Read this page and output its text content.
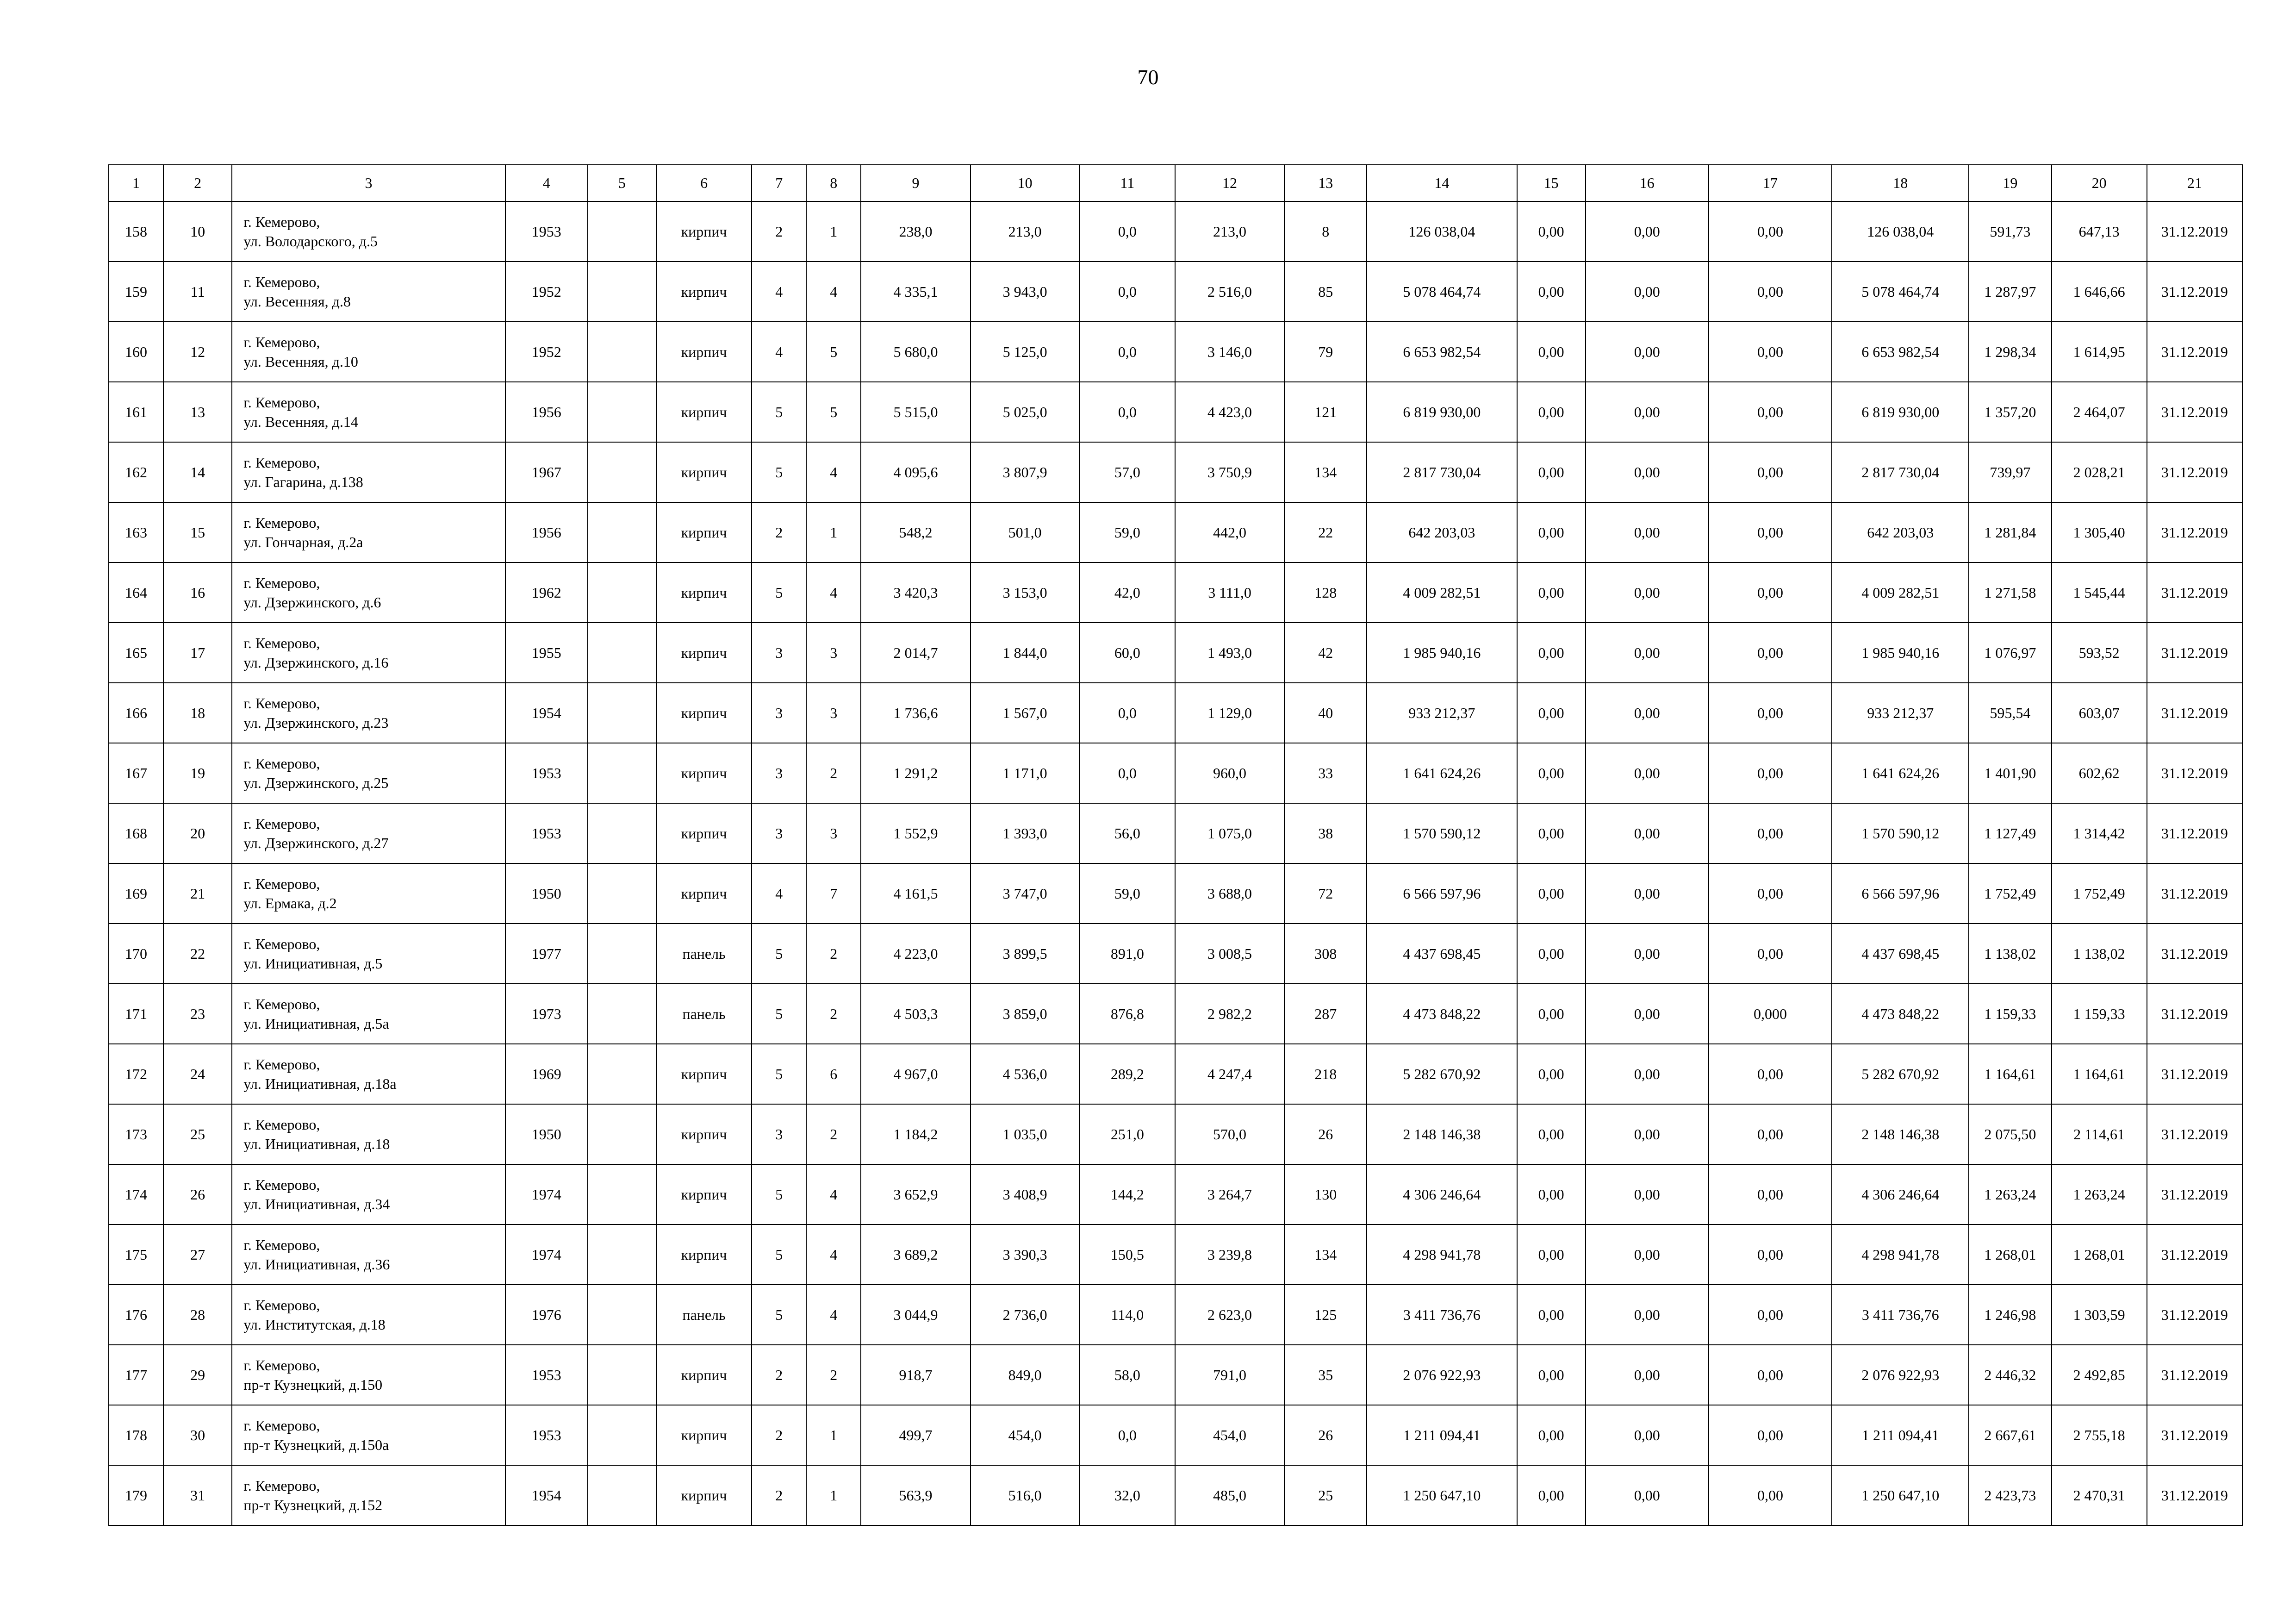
70
1	2	3	4	5	6	7	8	9	10	11	12	13	14	15	16	17	18	19	20	21
158	10	г. Кемерово,
ул. Володарского, д.5	1953		кирпич	2	1	238,0	213,0	0,0	213,0	8	126 038,04	0,00	0,00	0,00	126 038,04	591,73	647,13	31.12.2019
159	11	г. Кемерово,
ул. Весенняя, д.8	1952		кирпич	4	4	4 335,1	3 943,0	0,0	2 516,0	85	5 078 464,74	0,00	0,00	0,00	5 078 464,74	1 287,97	1 646,66	31.12.2019
160	12	г. Кемерово,
ул. Весенняя, д.10	1952		кирпич	4	5	5 680,0	5 125,0	0,0	3 146,0	79	6 653 982,54	0,00	0,00	0,00	6 653 982,54	1 298,34	1 614,95	31.12.2019
161	13	г. Кемерово,
ул. Весенняя, д.14	1956		кирпич	5	5	5 515,0	5 025,0	0,0	4 423,0	121	6 819 930,00	0,00	0,00	0,00	6 819 930,00	1 357,20	2 464,07	31.12.2019
162	14	г. Кемерово,
ул. Гагарина, д.138	1967		кирпич	5	4	4 095,6	3 807,9	57,0	3 750,9	134	2 817 730,04	0,00	0,00	0,00	2 817 730,04	739,97	2 028,21	31.12.2019
163	15	г. Кемерово,
ул. Гончарная, д.2а	1956		кирпич	2	1	548,2	501,0	59,0	442,0	22	642 203,03	0,00	0,00	0,00	642 203,03	1 281,84	1 305,40	31.12.2019
164	16	г. Кемерово,
ул. Дзержинского, д.6	1962		кирпич	5	4	3 420,3	3 153,0	42,0	3 111,0	128	4 009 282,51	0,00	0,00	0,00	4 009 282,51	1 271,58	1 545,44	31.12.2019
165	17	г. Кемерово,
ул. Дзержинского, д.16	1955		кирпич	3	3	2 014,7	1 844,0	60,0	1 493,0	42	1 985 940,16	0,00	0,00	0,00	1 985 940,16	1 076,97	593,52	31.12.2019
166	18	г. Кемерово,
ул. Дзержинского, д.23	1954		кирпич	3	3	1 736,6	1 567,0	0,0	1 129,0	40	933 212,37	0,00	0,00	0,00	933 212,37	595,54	603,07	31.12.2019
167	19	г. Кемерово,
ул. Дзержинского, д.25	1953		кирпич	3	2	1 291,2	1 171,0	0,0	960,0	33	1 641 624,26	0,00	0,00	0,00	1 641 624,26	1 401,90	602,62	31.12.2019
168	20	г. Кемерово,
ул. Дзержинского, д.27	1953		кирпич	3	3	1 552,9	1 393,0	56,0	1 075,0	38	1 570 590,12	0,00	0,00	0,00	1 570 590,12	1 127,49	1 314,42	31.12.2019
169	21	г. Кемерово,
ул. Ермака, д.2	1950		кирпич	4	7	4 161,5	3 747,0	59,0	3 688,0	72	6 566 597,96	0,00	0,00	0,00	6 566 597,96	1 752,49	1 752,49	31.12.2019
170	22	г. Кемерово,
ул. Инициативная, д.5	1977		панель	5	2	4 223,0	3 899,5	891,0	3 008,5	308	4 437 698,45	0,00	0,00	0,00	4 437 698,45	1 138,02	1 138,02	31.12.2019
171	23	г. Кемерово,
ул. Инициативная, д.5а	1973		панель	5	2	4 503,3	3 859,0	876,8	2 982,2	287	4 473 848,22	0,00	0,00	0,000	4 473 848,22	1 159,33	1 159,33	31.12.2019
172	24	г. Кемерово,
ул. Инициативная, д.18а	1969		кирпич	5	6	4 967,0	4 536,0	289,2	4 247,4	218	5 282 670,92	0,00	0,00	0,00	5 282 670,92	1 164,61	1 164,61	31.12.2019
173	25	г. Кемерово,
ул. Инициативная, д.18	1950		кирпич	3	2	1 184,2	1 035,0	251,0	570,0	26	2 148 146,38	0,00	0,00	0,00	2 148 146,38	2 075,50	2 114,61	31.12.2019
174	26	г. Кемерово,
ул. Инициативная, д.34	1974		кирпич	5	4	3 652,9	3 408,9	144,2	3 264,7	130	4 306 246,64	0,00	0,00	0,00	4 306 246,64	1 263,24	1 263,24	31.12.2019
175	27	г. Кемерово,
ул. Инициативная, д.36	1974		кирпич	5	4	3 689,2	3 390,3	150,5	3 239,8	134	4 298 941,78	0,00	0,00	0,00	4 298 941,78	1 268,01	1 268,01	31.12.2019
176	28	г. Кемерово,
ул. Институтская, д.18	1976		панель	5	4	3 044,9	2 736,0	114,0	2 623,0	125	3 411 736,76	0,00	0,00	0,00	3 411 736,76	1 246,98	1 303,59	31.12.2019
177	29	г. Кемерово,
пр-т Кузнецкий, д.150	1953		кирпич	2	2	918,7	849,0	58,0	791,0	35	2 076 922,93	0,00	0,00	0,00	2 076 922,93	2 446,32	2 492,85	31.12.2019
178	30	г. Кемерово,
пр-т Кузнецкий, д.150а	1953		кирпич	2	1	499,7	454,0	0,0	454,0	26	1 211 094,41	0,00	0,00	0,00	1 211 094,41	2 667,61	2 755,18	31.12.2019
179	31	г. Кемерово,
пр-т Кузнецкий, д.152	1954		кирпич	2	1	563,9	516,0	32,0	485,0	25	1 250 647,10	0,00	0,00	0,00	1 250 647,10	2 423,73	2 470,31	31.12.2019
